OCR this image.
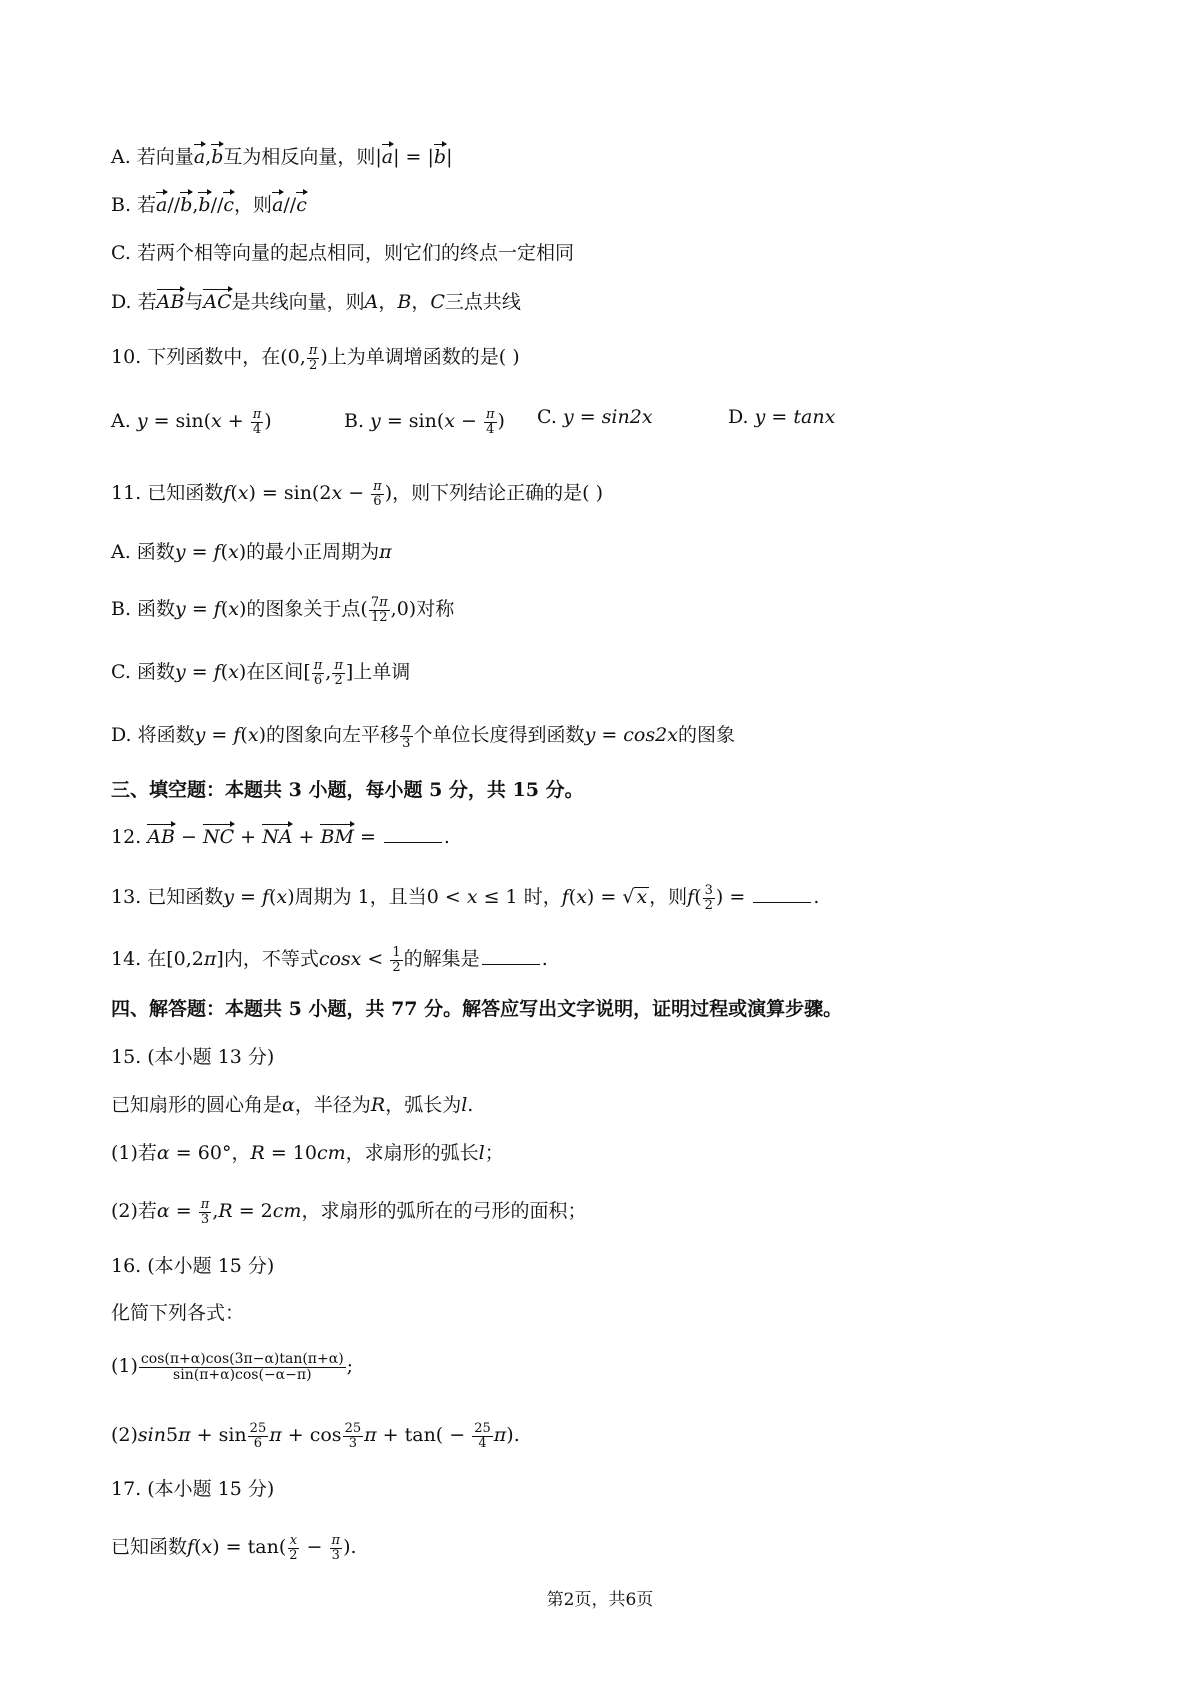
A. 若向量a,b互为相反向量，则|a| = |b|
B. 若a//b,b//c，则a//c
C. 若两个相等向量的起点相同，则它们的终点一定相同
D. 若AB与AC是共线向量，则A，B，C三点共线
10. 下列函数中，在(0, $\frac{\pi}{2}$ )上为单调增函数的是( )
A. $y = \sin(x + \frac{\pi}{4}$ )	B. $y = \sin(x - \frac{\pi}{4}$ ) C. y = sin2x	D. y = tanx
11. 已知函数$f(x) = \sin(2x - \frac{\pi}{6}$ )，则下列结论正确的是( )
A. 函数y = f(x)的最小正周期为π
B. 函数y = f(x)的图象关于点( $\frac{7\pi}{12} ,0$)对称
C. 函数y = f(x)在区间[ $\frac{\pi}{6}$ , $\frac{\pi}{2}$ ]上单调
D. 将函数y = f(x)的图象向左平移 $\frac{\pi}{3}$ 个单位长度得到函数y = cos2x的图象
三、填空题：本题共 3 小题，每小题 5 分，共 15 分。
12. AB − NC + NA + BM =	.
13. 已知函数y = f(x)周期为 1，且当0 < x ≤ 1 时，f(x) = √ x ，则$f( \frac{3}{2}$ ) =	.
14. 在[0,2π]内，不等式$\cos x < \frac{1}{2}$ 的解集是	.
四、解答题：本题共 5 小题，共 77 分。解答应写出文字说明，证明过程或演算步骤。
15. (本小题 13 分)
已知扇形的圆心角是α，半径为R，弧长为l.
(1)若α = 60°，R = 10cm，求扇形的弧长l；
(2)若$\alpha = \frac{\pi}{3} ,R = 2cm$，求扇形的弧所在的弓形的面积；
16. (本小题 15 分)
化简下列各式：
$(1) \frac{\cos(\pi+\alpha)\cos(3\pi-\alpha)\tan(\pi+\alpha)}{\sin(\pi+\alpha)\cos(-\alpha-\pi)}$ ;
$(2)\sin 5\pi + \sin \frac{25}{6}$ $\pi + \cos \frac{25}{3}$ $\pi + \tan( - \frac{25}{4} \pi)$.
17. (本小题 15 分)
已知函数$f(x) = \tan( \frac{x}{2} - \frac{\pi}{3}$ ).
第2页，共6页
